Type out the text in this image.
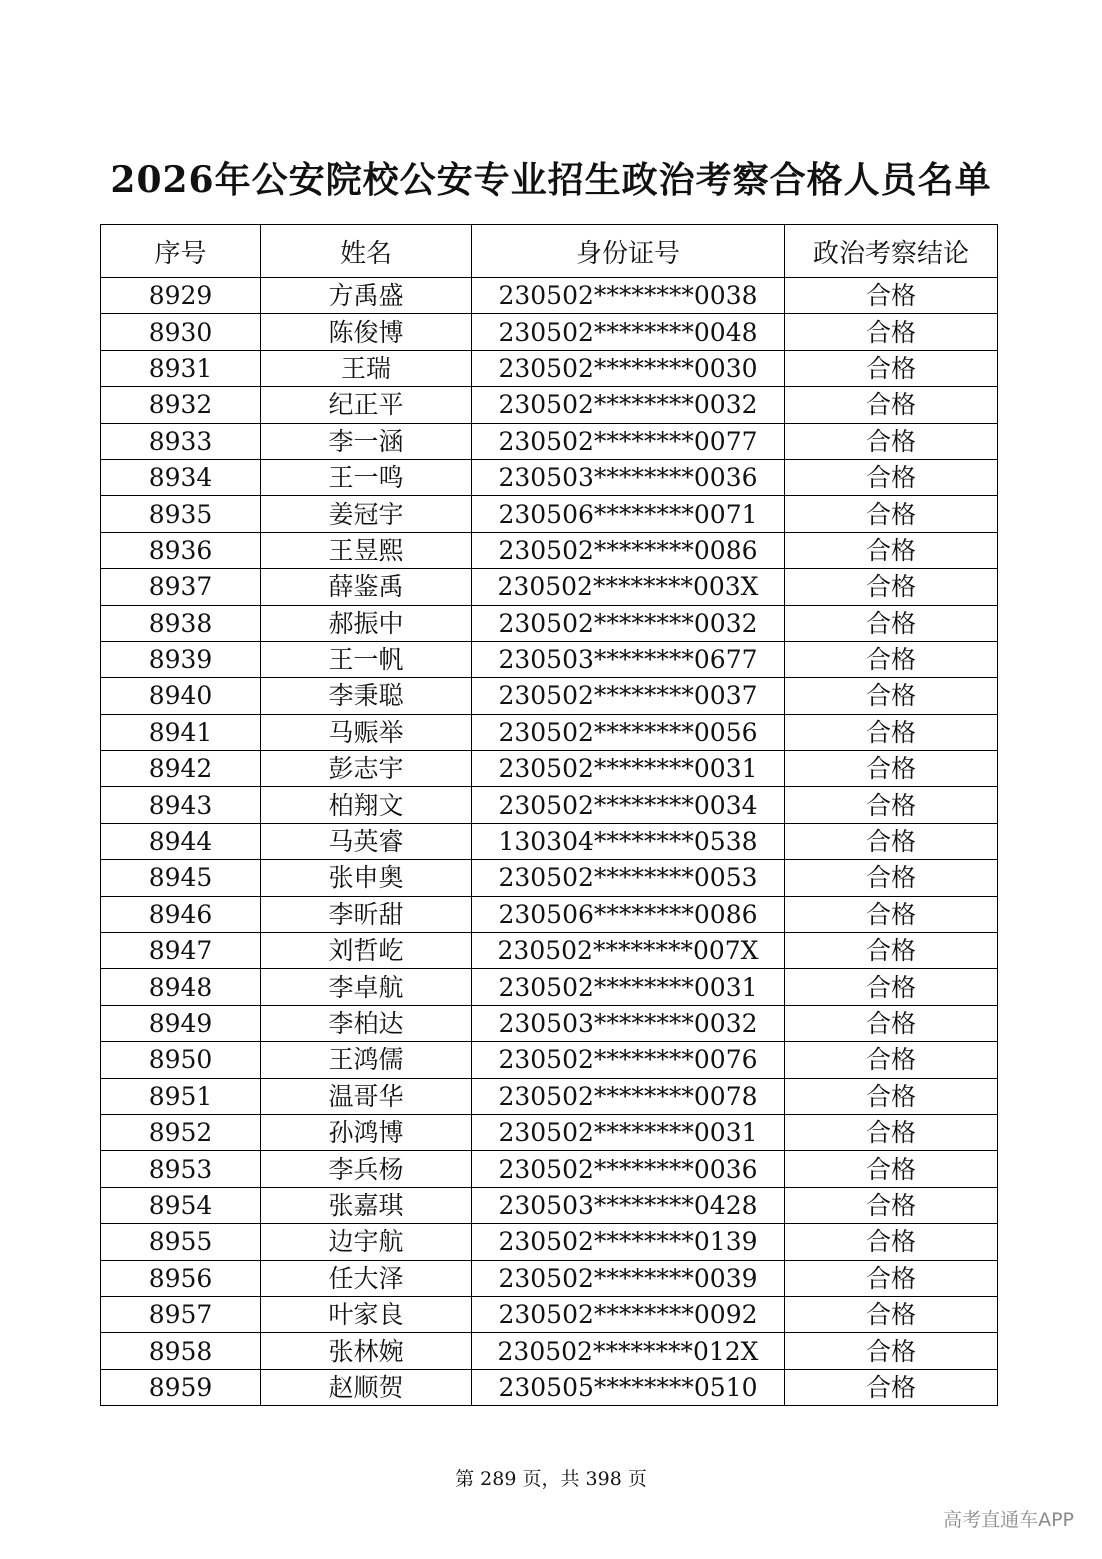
2026年公安院校公安专业招生政治考察合格人员名单
序号	姓名	身份证号	政治考察结论
8929	方禹盛	230502********0038	合格
8930	陈俊博	230502********0048	合格
8931	王瑞	230502********0030	合格
8932	纪正平	230502********0032	合格
8933	李一涵	230502********0077	合格
8934	王一鸣	230503********0036	合格
8935	姜冠宇	230506********0071	合格
8936	王昱熙	230502********0086	合格
8937	薛鉴禹	230502********003X	合格
8938	郝振中	230502********0032	合格
8939	王一帆	230503********0677	合格
8940	李秉聪	230502********0037	合格
8941	马赈举	230502********0056	合格
8942	彭志宇	230502********0031	合格
8943	柏翔文	230502********0034	合格
8944	马英睿	130304********0538	合格
8945	张申奥	230502********0053	合格
8946	李昕甜	230506********0086	合格
8947	刘哲屹	230502********007X	合格
8948	李卓航	230502********0031	合格
8949	李柏达	230503********0032	合格
8950	王鸿儒	230502********0076	合格
8951	温哥华	230502********0078	合格
8952	孙鸿博	230502********0031	合格
8953	李兵杨	230502********0036	合格
8954	张嘉琪	230503********0428	合格
8955	边宇航	230502********0139	合格
8956	任大泽	230502********0039	合格
8957	叶家良	230502********0092	合格
8958	张林婉	230502********012X	合格
8959	赵顺贺	230505********0510	合格
第 289 页，共 398 页
高考直通车APP
